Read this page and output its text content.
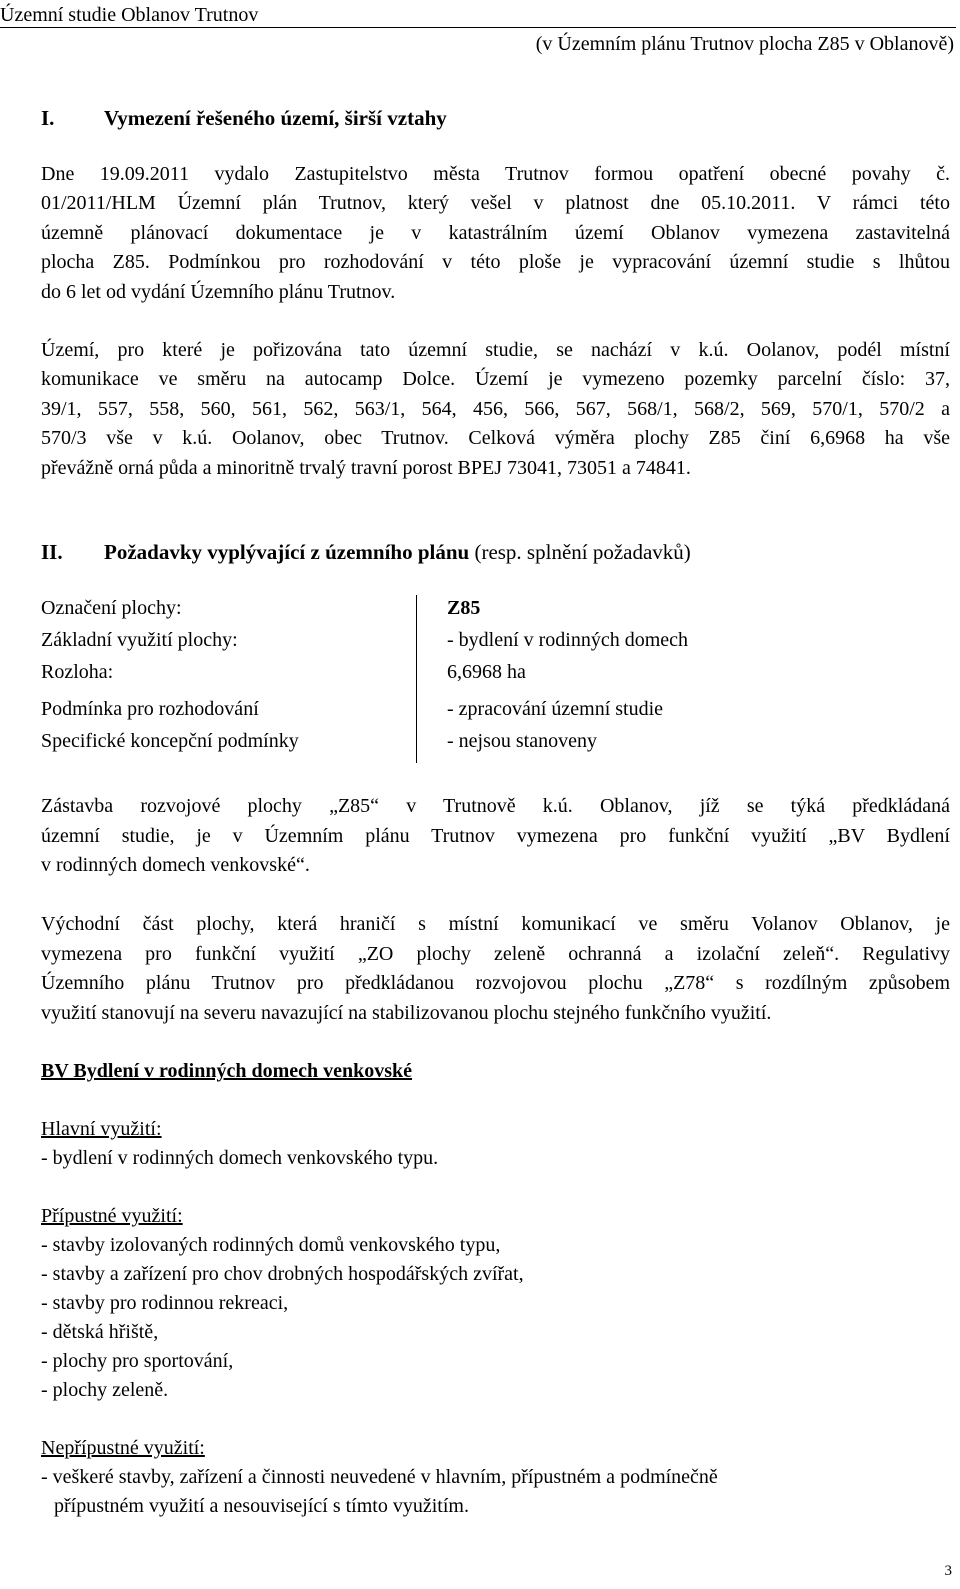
Územní studie Oblanov Trutnov
(v Územním plánu Trutnov plocha Z85 v Oblanově)
I. Vymezení řešeného území, širší vztahy
Dne 19.09.2011 vydalo Zastupitelstvo města Trutnov formou opatření obecné povahy č.
01/2011/HLM Územní plán Trutnov, který vešel v platnost dne 05.10.2011. V rámci této
územně plánovací dokumentace je v katastrálním území Oblanov vymezena zastavitelná
plocha Z85. Podmínkou pro rozhodování v této ploše je vypracování územní studie s lhůtou
do 6 let od vydání Územního plánu Trutnov.
Území, pro které je pořizována tato územní studie, se nachází v k.ú. Oolanov, podél místní
komunikace ve směru na autocamp Dolce. Území je vymezeno pozemky parcelní číslo: 37,
39/1, 557, 558, 560, 561, 562, 563/1, 564, 456, 566, 567, 568/1, 568/2, 569, 570/1, 570/2 a
570/3 vše v k.ú. Oolanov, obec Trutnov. Celková výměra plochy Z85 činí 6,6968 ha vše
převážně orná půda a minoritně trvalý travní porost BPEJ 73041, 73051 a 74841.
II. Požadavky vyplývající z územního plánu (resp. splnění požadavků)
Označení plochy:	Z85
Základní využití plochy:	- bydlení v rodinných domech
Rozloha:	6,6968 ha
Podmínka pro rozhodování	- zpracování územní studie
Specifické koncepční podmínky	- nejsou stanoveny
Zástavba rozvojové plochy „Z85“ v Trutnově k.ú. Oblanov, jíž se týká předkládaná
územní studie, je v Územním plánu Trutnov vymezena pro funkční využití „BV Bydlení
v rodinných domech venkovské“.
Východní část plochy, která hraničí s místní komunikací ve směru Volanov Oblanov, je
vymezena pro funkční využití „ZO plochy zeleně ochranná a izolační zeleň“. Regulativy
Územního plánu Trutnov pro předkládanou rozvojovou plochu „Z78“ s rozdílným způsobem
využití stanovují na severu navazující na stabilizovanou plochu stejného funkčního využití.
BV Bydlení v rodinných domech venkovské
Hlavní využití:
- bydlení v rodinných domech venkovského typu.
Přípustné využití:
- stavby izolovaných rodinných domů venkovského typu,
- stavby a zařízení pro chov drobných hospodářských zvířat,
- stavby pro rodinnou rekreaci,
- dětská hřiště,
- plochy pro sportování,
- plochy zeleně.
Nepřípustné využití:
- veškeré stavby, zařízení a činnosti neuvedené v hlavním, přípustném a podmínečně
přípustném využití a nesouvisející s tímto využitím.
3
